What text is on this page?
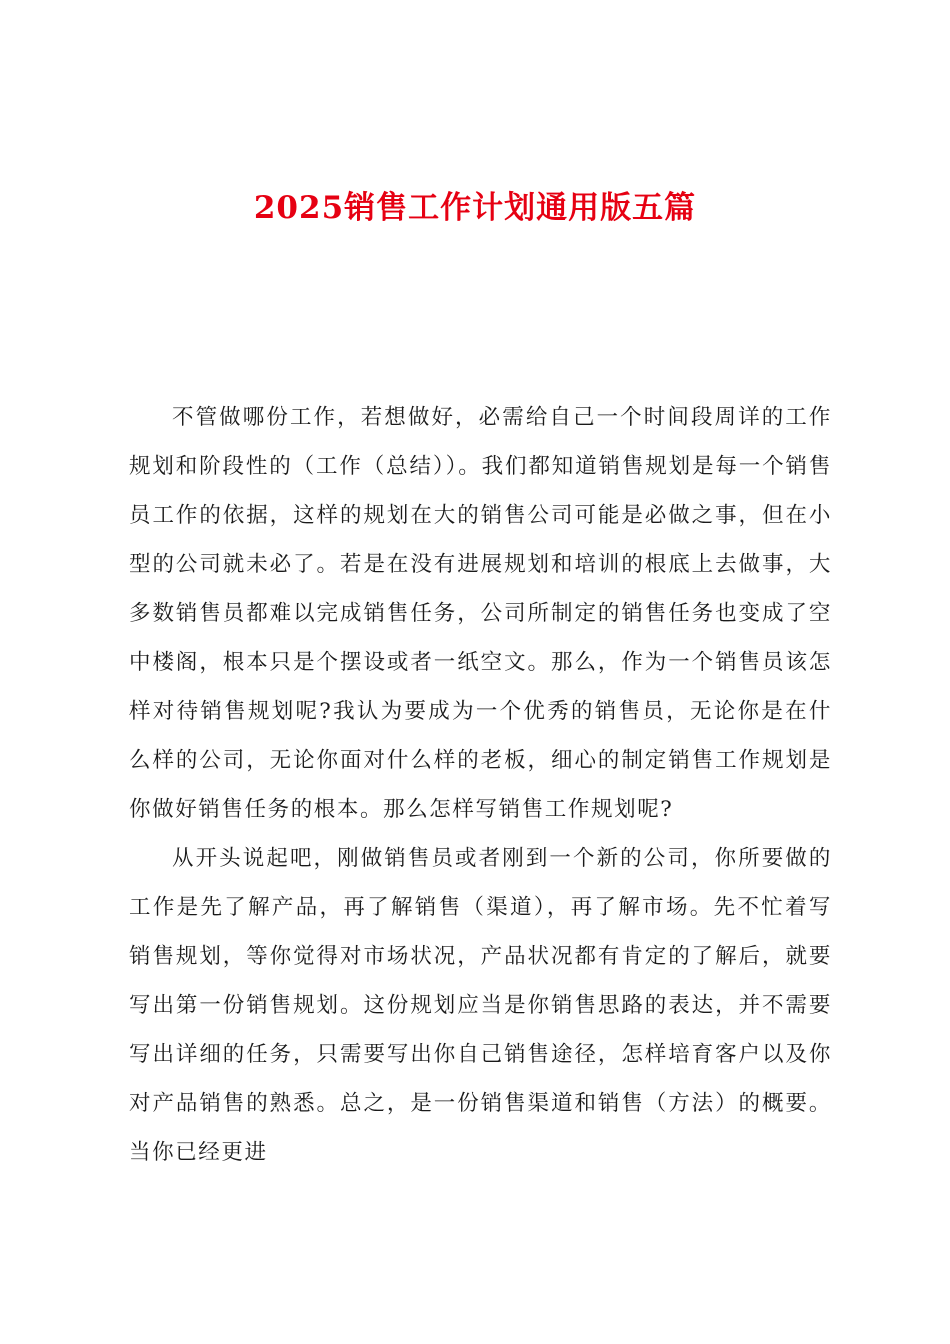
2025销售工作计划通用版五篇

不管做哪份工作，若想做好，必需给自己一个时间段周详的工作规划和阶段性的（工作（总结））。我们都知道销售规划是每一个销售员工作的依据，这样的规划在大的销售公司可能是必做之事，但在小型的公司就未必了。若是在没有进展规划和培训的根底上去做事，大多数销售员都难以完成销售任务，公司所制定的销售任务也变成了空中楼阁，根本只是个摆设或者一纸空文。那么，作为一个销售员该怎样对待销售规划呢?我认为要成为一个优秀的销售员，无论你是在什么样的公司，无论你面对什么样的老板，细心的制定销售工作规划是你做好销售任务的根本。那么怎样写销售工作规划呢?

从开头说起吧，刚做销售员或者刚到一个新的公司，你所要做的工作是先了解产品，再了解销售（渠道），再了解市场。先不忙着写销售规划，等你觉得对市场状况，产品状况都有肯定的了解后，就要写出第一份销售规划。这份规划应当是你销售思路的表达，并不需要写出详细的任务，只需要写出你自己销售途径，怎样培育客户以及你对产品销售的熟悉。总之，是一份销售渠道和销售（方法）的概要。当你已经更进
